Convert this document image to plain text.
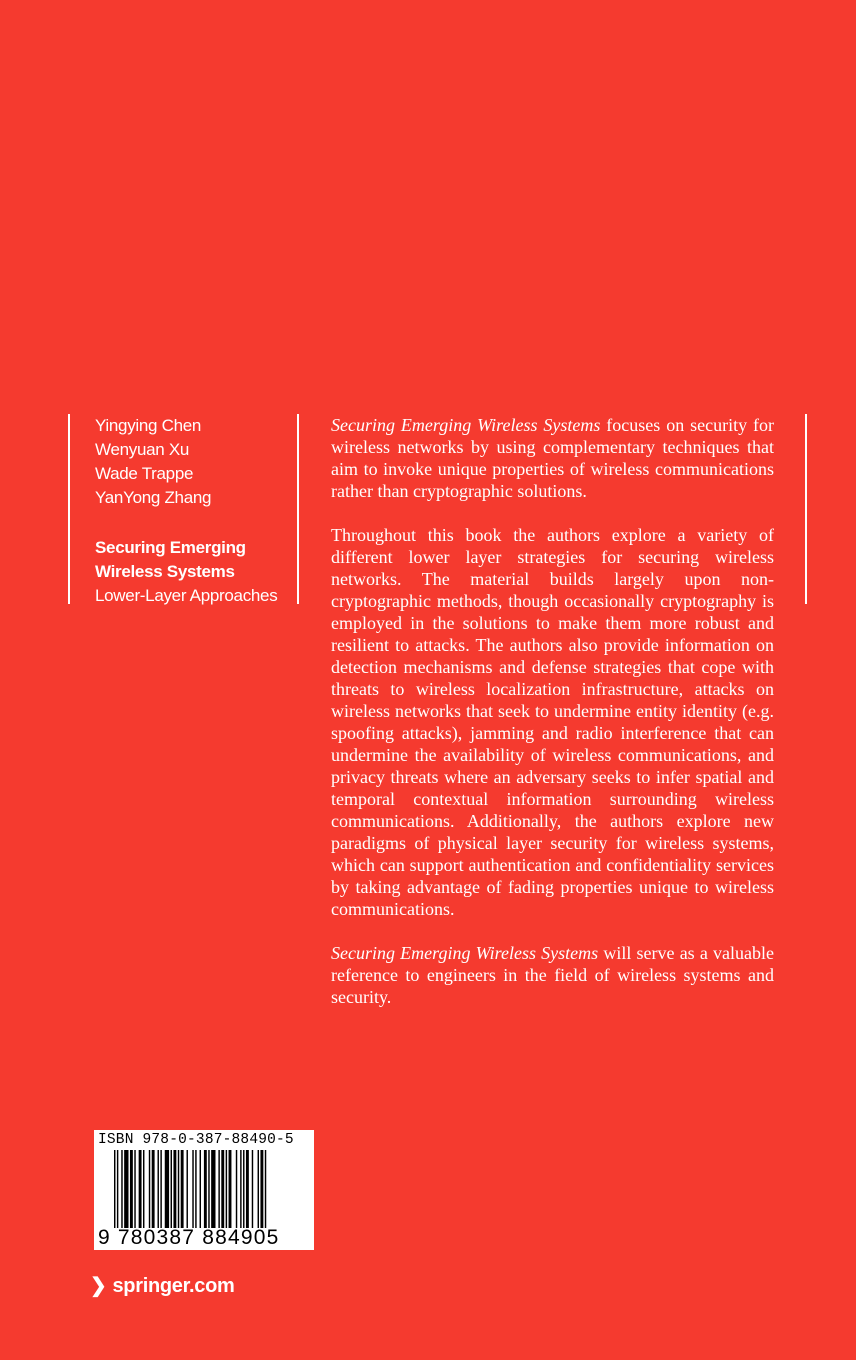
Yingying Chen
Wenyuan Xu
Wade Trappe
YanYong Zhang
Securing Emerging
Wireless Systems
Lower-Layer Approaches

Securing Emerging Wireless Systems focuses on security for wireless networks by using complementary techniques that aim to invoke unique properties of wireless communications rather than cryptographic solutions.

Throughout this book the authors explore a variety of different lower layer strategies for securing wireless networks. The material builds largely upon non-cryptographic methods, though occasionally cryptography is employed in the solutions to make them more robust and resilient to attacks. The authors also provide information on detection mechanisms and defense strategies that cope with threats to wireless localization infrastructure, attacks on wireless networks that seek to undermine entity identity (e.g. spoofing attacks), jamming and radio interference that can undermine the availability of wireless communications, and privacy threats where an adversary seeks to infer spatial and temporal contextual information surrounding wireless communications. Additionally, the authors explore new paradigms of physical layer security for wireless systems, which can support authentication and confidentiality services by taking advantage of fading properties unique to wireless communications.

Securing Emerging Wireless Systems will serve as a valuable reference to engineers in the field of wireless systems and security.

ISBN 978-0-387-88490-5
9 780387 884905
❯ springer.com
